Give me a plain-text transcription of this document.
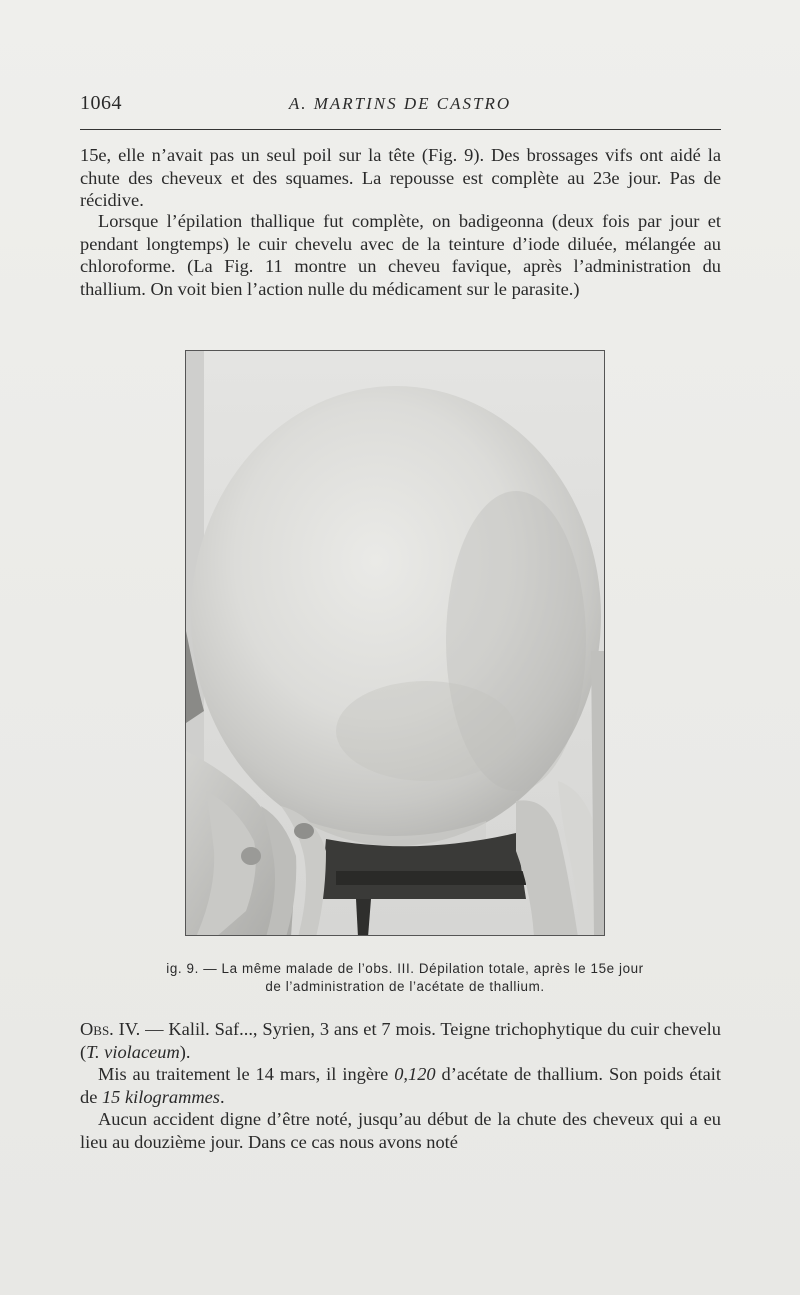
1064	A. MARTINS DE CASTRO

15e, elle n’avait pas un seul poil sur la tête (Fig. 9). Des brossages vifs ont aidé la chute des cheveux et des squames. La repousse est complète au 23e jour. Pas de récidive.

Lorsque l’épilation thallique fut complète, on badigeonna (deux fois par jour et pendant longtemps) le cuir chevelu avec de la teinture d’iode diluée, mélangée au chloroforme. (La Fig. 11 montre un cheveu favique, après l’administration du thallium. On voit bien l’action nulle du médicament sur le parasite.)

ig. 9. — La même malade de l’obs. III. Dépilation totale, après le 15e jour
de l’administration de l’acétate de thallium.

Obs. IV. — Kalil. Saf..., Syrien, 3 ans et 7 mois. Teigne trichophytique du cuir chevelu (T. violaceum).

Mis au traitement le 14 mars, il ingère 0,120 d’acétate de thallium. Son poids était de 15 kilogrammes.

Aucun accident digne d’être noté, jusqu’au début de la chute des cheveux qui a eu lieu au douzième jour. Dans ce cas nous avons noté
